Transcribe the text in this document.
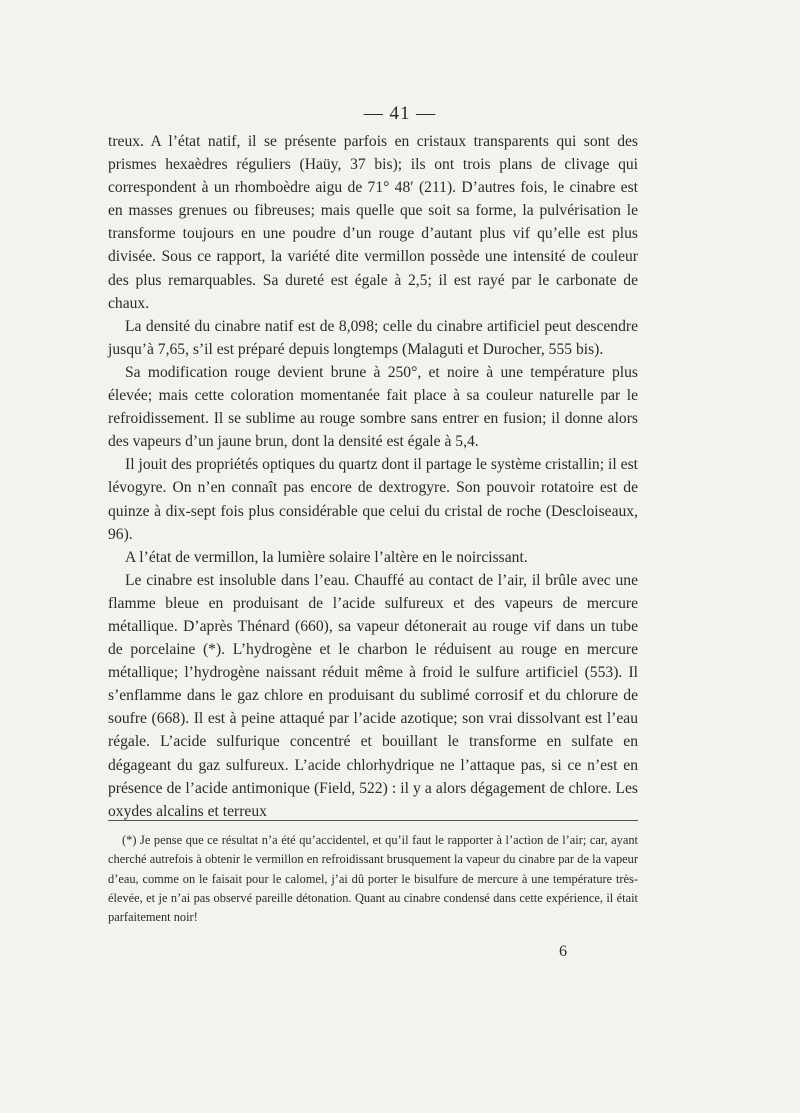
— 41 —

treux. A l’état natif, il se présente parfois en cristaux transparents qui sont des prismes hexaèdres réguliers (Haüy, 37 bis); ils ont trois plans de clivage qui correspondent à un rhomboèdre aigu de 71° 48′ (211). D’autres fois, le cinabre est en masses grenues ou fibreuses; mais quelle que soit sa forme, la pulvérisation le transforme toujours en une poudre d’un rouge d’autant plus vif qu’elle est plus divisée. Sous ce rapport, la variété dite vermillon possède une intensité de couleur des plus remarquables. Sa dureté est égale à 2,5; il est rayé par le carbonate de chaux.

La densité du cinabre natif est de 8,098; celle du cinabre artificiel peut descendre jusqu’à 7,65, s’il est préparé depuis longtemps (Malaguti et Durocher, 555 bis).

Sa modification rouge devient brune à 250°, et noire à une température plus élevée; mais cette coloration momentanée fait place à sa couleur naturelle par le refroidissement. Il se sublime au rouge sombre sans entrer en fusion; il donne alors des vapeurs d’un jaune brun, dont la densité est égale à 5,4.

Il jouit des propriétés optiques du quartz dont il partage le système cristallin; il est lévogyre. On n’en connaît pas encore de dextrogyre. Son pouvoir rotatoire est de quinze à dix-sept fois plus considérable que celui du cristal de roche (Descloiseaux, 96).

A l’état de vermillon, la lumière solaire l’altère en le noircissant.

Le cinabre est insoluble dans l’eau. Chauffé au contact de l’air, il brûle avec une flamme bleue en produisant de l’acide sulfureux et des vapeurs de mercure métallique. D’après Thénard (660), sa vapeur détonerait au rouge vif dans un tube de porcelaine (*). L’hydrogène et le charbon le réduisent au rouge en mercure métallique; l’hydrogène naissant réduit même à froid le sulfure artificiel (553). Il s’enflamme dans le gaz chlore en produisant du sublimé corrosif et du chlorure de soufre (668). Il est à peine attaqué par l’acide azotique; son vrai dissolvant est l’eau régale. L’acide sulfurique concentré et bouillant le transforme en sulfate en dégageant du gaz sulfureux. L’acide chlorhydrique ne l’attaque pas, si ce n’est en présence de l’acide antimonique (Field, 522) : il y a alors dégagement de chlore. Les oxydes alcalins et terreux

(*) Je pense que ce résultat n’a été qu’accidentel, et qu’il faut le rapporter à l’action de l’air; car, ayant cherché autrefois à obtenir le vermillon en refroidissant brusquement la vapeur du cinabre par de la vapeur d’eau, comme on le faisait pour le calomel, j’ai dû porter le bisulfure de mercure à une température très-élevée, et je n’ai pas observé pareille détonation. Quant au cinabre condensé dans cette expérience, il était parfaitement noir!
6
